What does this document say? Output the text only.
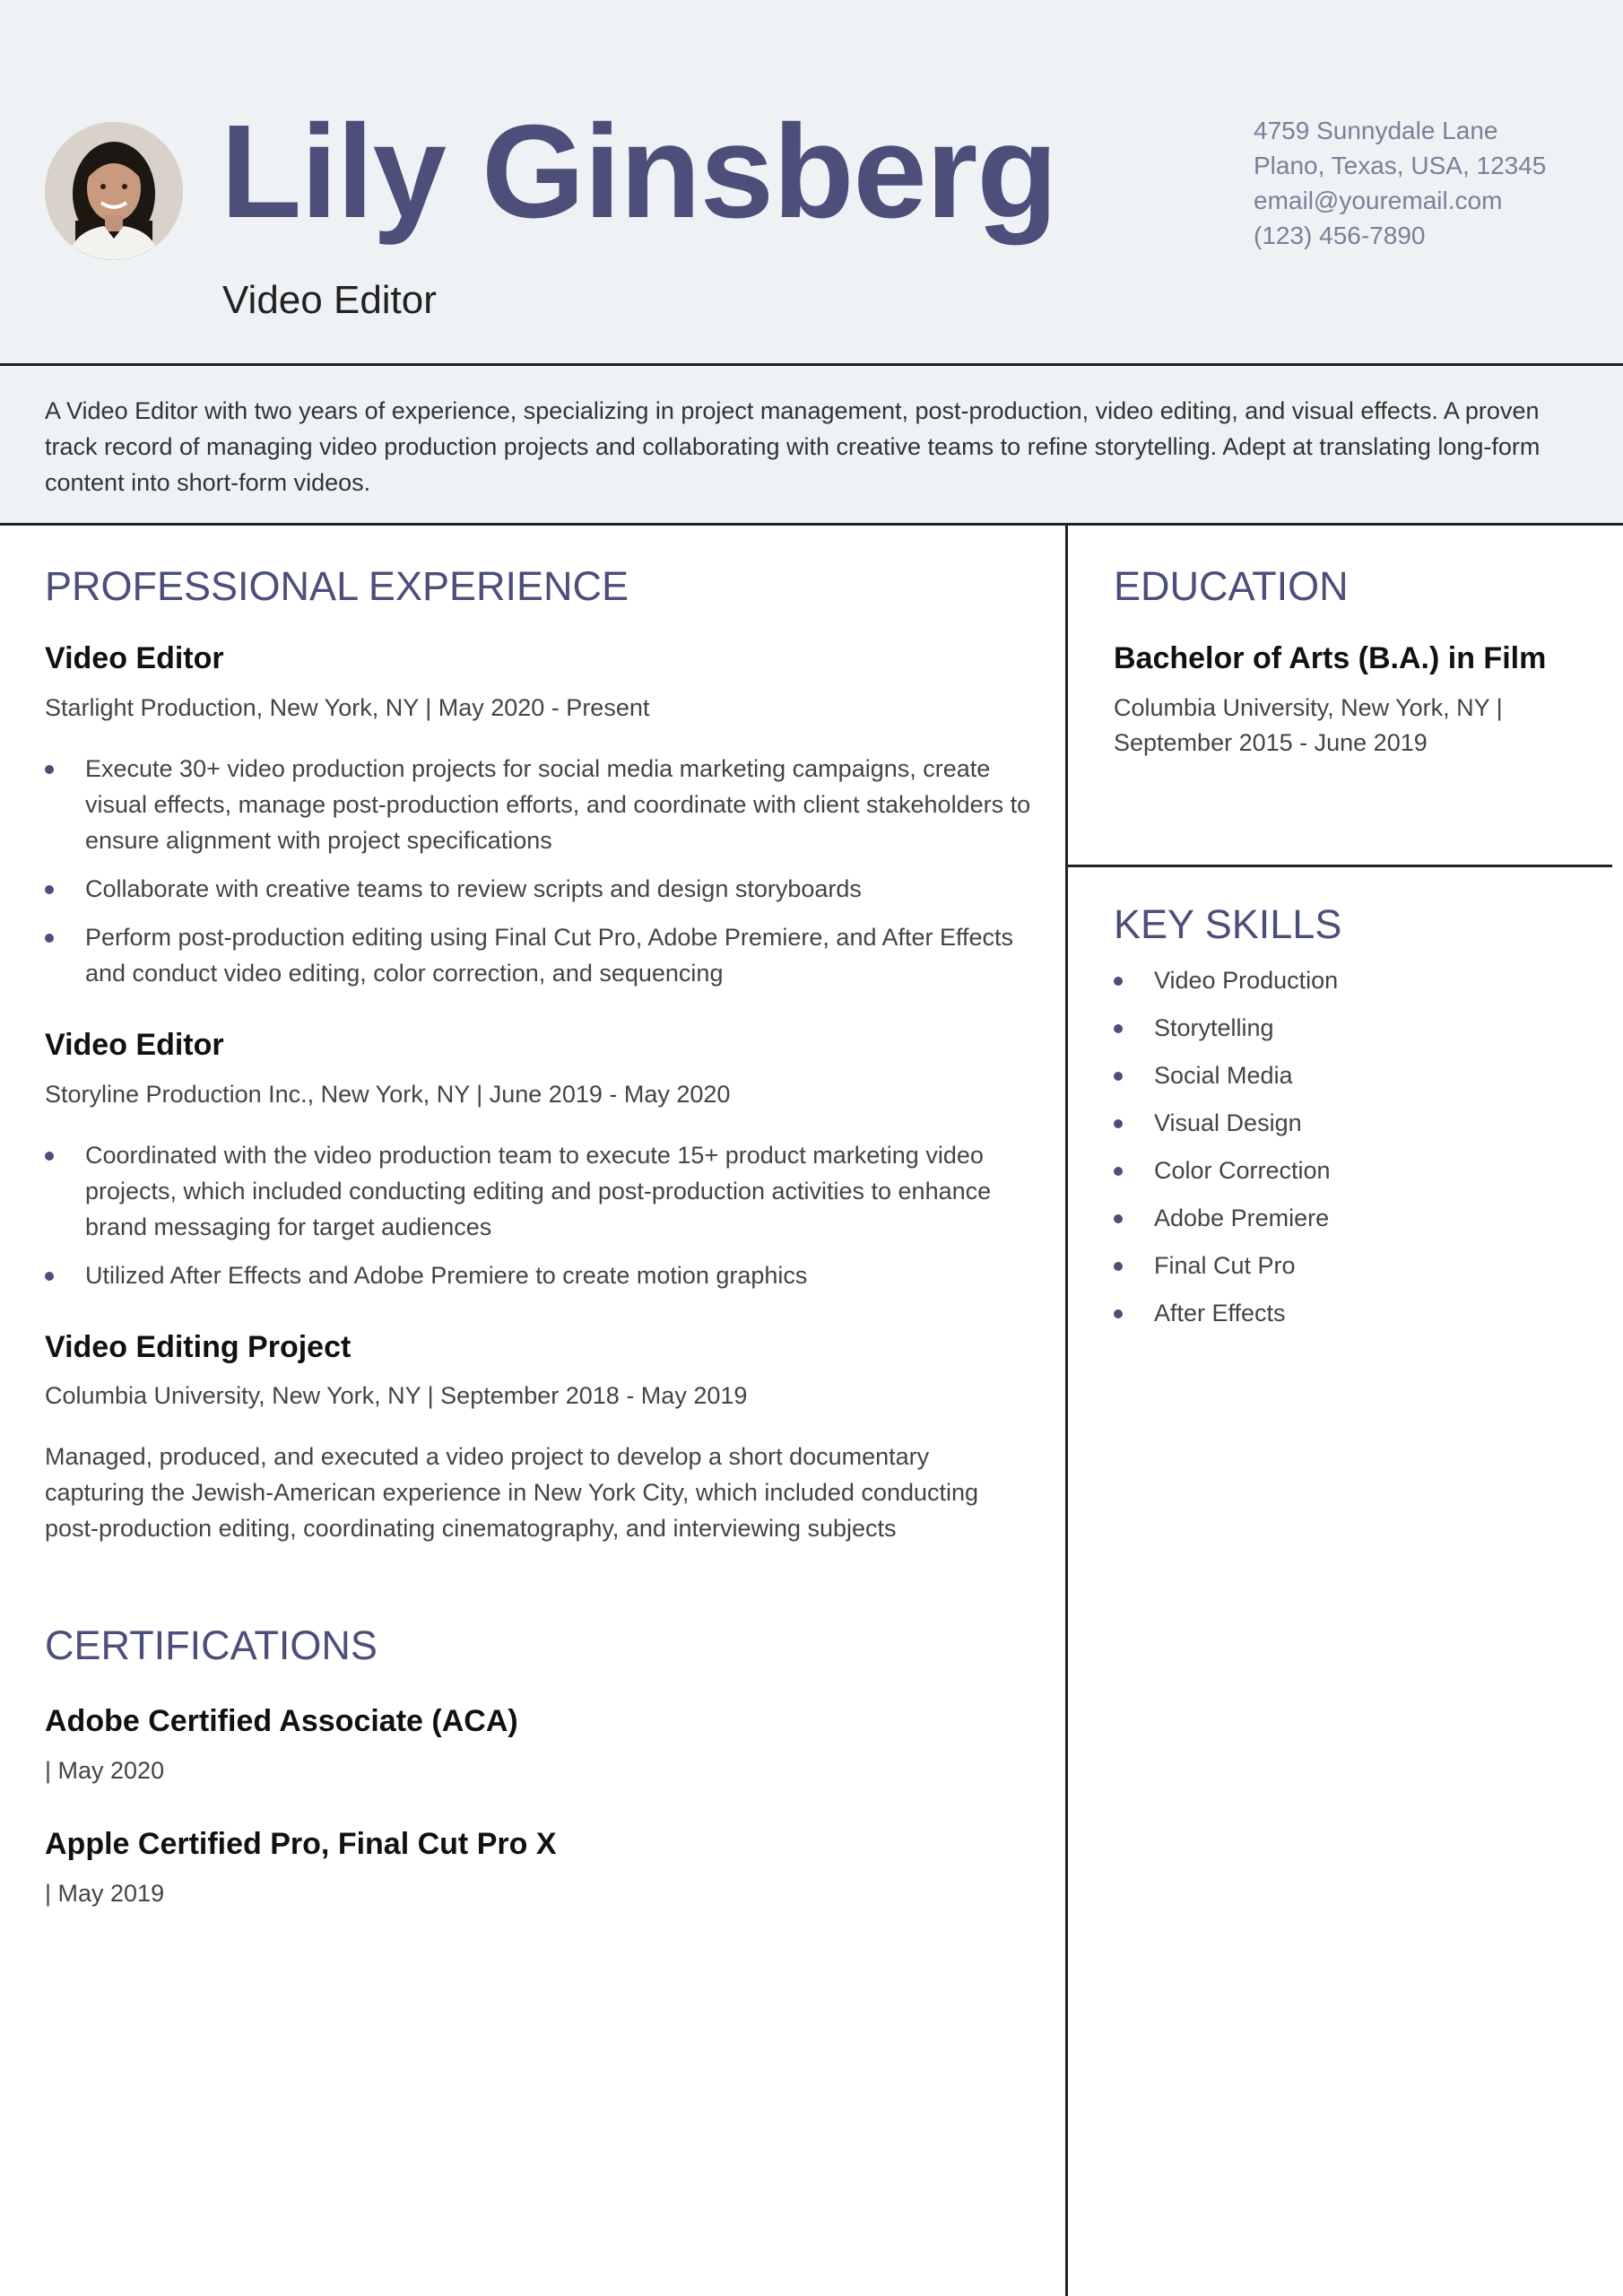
Lily Ginsberg
Video Editor
4759 Sunnydale Lane
Plano, Texas, USA, 12345
email@youremail.com
(123) 456-7890

A Video Editor with two years of experience, specializing in project management, post-production, video editing, and visual effects. A proven track record of managing video production projects and collaborating with creative teams to refine storytelling. Adept at translating long-form content into short-form videos.

PROFESSIONAL EXPERIENCE
Video Editor
Starlight Production, New York, NY | May 2020 - Present
Execute 30+ video production projects for social media marketing campaigns, create visual effects, manage post-production efforts, and coordinate with client stakeholders to ensure alignment with project specifications
Collaborate with creative teams to review scripts and design storyboards
Perform post-production editing using Final Cut Pro, Adobe Premiere, and After Effects and conduct video editing, color correction, and sequencing
Video Editor
Storyline Production Inc., New York, NY | June 2019 - May 2020
Coordinated with the video production team to execute 15+ product marketing video projects, which included conducting editing and post-production activities to enhance brand messaging for target audiences
Utilized After Effects and Adobe Premiere to create motion graphics
Video Editing Project
Columbia University, New York, NY | September 2018 - May 2019

Managed, produced, and executed a video project to develop a short documentary capturing the Jewish-American experience in New York City, which included conducting post-production editing, coordinating cinematography, and interviewing subjects

CERTIFICATIONS
Adobe Certified Associate (ACA)
| May 2020
Apple Certified Pro, Final Cut Pro X
| May 2019
EDUCATION
Bachelor of Arts (B.A.) in Film
Columbia University, New York, NY |
September 2015 - June 2019
KEY SKILLS
Video Production
Storytelling
Social Media
Visual Design
Color Correction
Adobe Premiere
Final Cut Pro
After Effects
